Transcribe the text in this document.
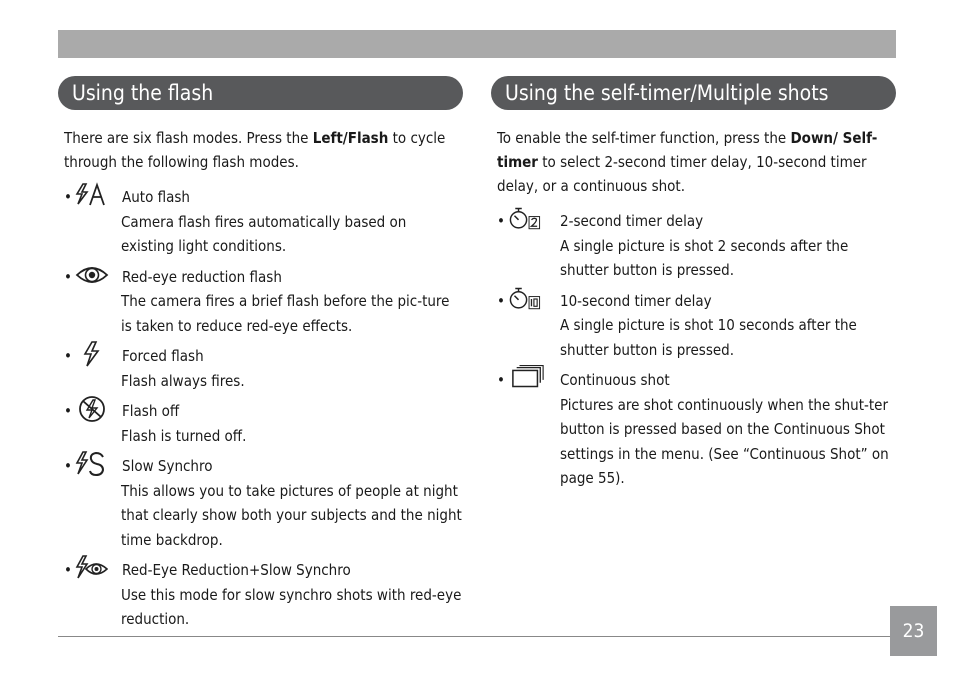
Using the flash
There are six flash modes. Press the Left/Flash to cycle through the following flash modes.
•	Auto flash
Camera flash fires automatically based on existing light conditions.
•	Red-eye reduction flash
The camera fires a brief flash before the pic-ture is taken to reduce red-eye effects.
•	Forced flash
Flash always fires.
•	Flash off
Flash is turned off.
•	Slow Synchro
This allows you to take pictures of people at night that clearly show both your subjects and the night time backdrop.
•	Red-Eye Reduction+Slow Synchro
Use this mode for slow synchro shots with red-eye reduction.
Using the self-timer/Multiple shots
To enable the self-timer function, press the Down/ Self-timer to select 2-second timer delay, 10-second timer delay, or a continuous shot.
•	2-second timer delay
A single picture is shot 2 seconds after the shutter button is pressed.
•	10-second timer delay
A single picture is shot 10 seconds after the shutter button is pressed.
•	Continuous shot
Pictures are shot continuously when the shut-ter button is pressed based on the Continuous Shot settings in the menu. (See “Continuous Shot” on page 55).
23
